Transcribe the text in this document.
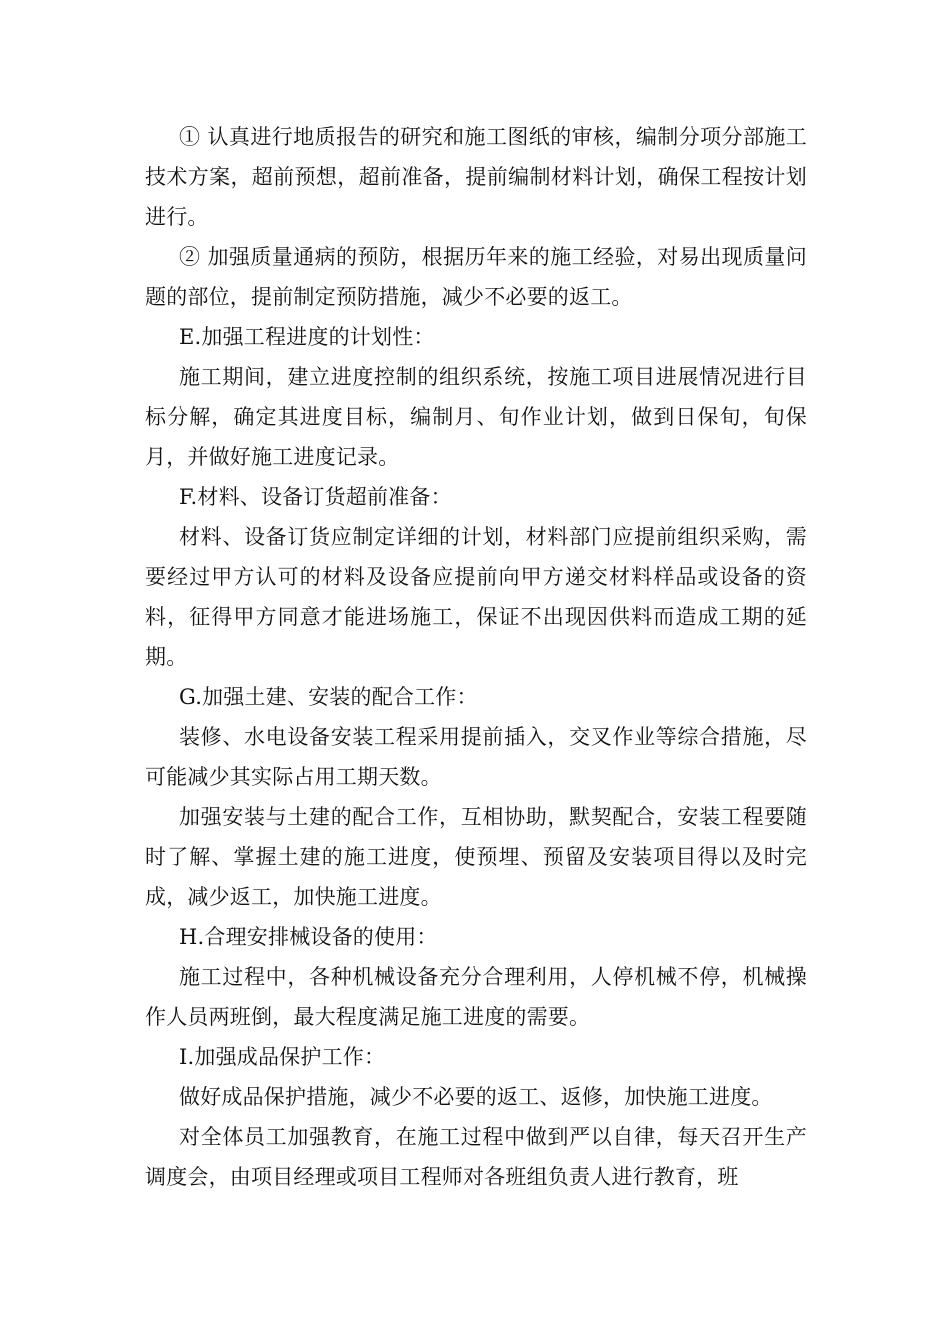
① 认真进行地质报告的研究和施工图纸的审核，编制分项分部施工技术方案，超前预想，超前准备，提前编制材料计划，确保工程按计划进行。

② 加强质量通病的预防，根据历年来的施工经验，对易出现质量问题的部位，提前制定预防措施，减少不必要的返工。

E.加强工程进度的计划性：

施工期间，建立进度控制的组织系统，按施工项目进展情况进行目标分解，确定其进度目标，编制月、旬作业计划，做到日保旬，旬保月，并做好施工进度记录。

F.材料、设备订货超前准备：

材料、设备订货应制定详细的计划，材料部门应提前组织采购，需要经过甲方认可的材料及设备应提前向甲方递交材料样品或设备的资料，征得甲方同意才能进场施工，保证不出现因供料而造成工期的延期。

G.加强土建、安装的配合工作：

装修、水电设备安装工程采用提前插入，交叉作业等综合措施，尽可能减少其实际占用工期天数。

加强安装与土建的配合工作，互相协助，默契配合，安装工程要随时了解、掌握土建的施工进度，使预埋、预留及安装项目得以及时完成，减少返工，加快施工进度。

H.合理安排械设备的使用：

施工过程中，各种机械设备充分合理利用，人停机械不停，机械操作人员两班倒，最大程度满足施工进度的需要。

I.加强成品保护工作：

做好成品保护措施，减少不必要的返工、返修，加快施工进度。

对全体员工加强教育，在施工过程中做到严以自律，每天召开生产调度会，由项目经理或项目工程师对各班组负责人进行教育，班
